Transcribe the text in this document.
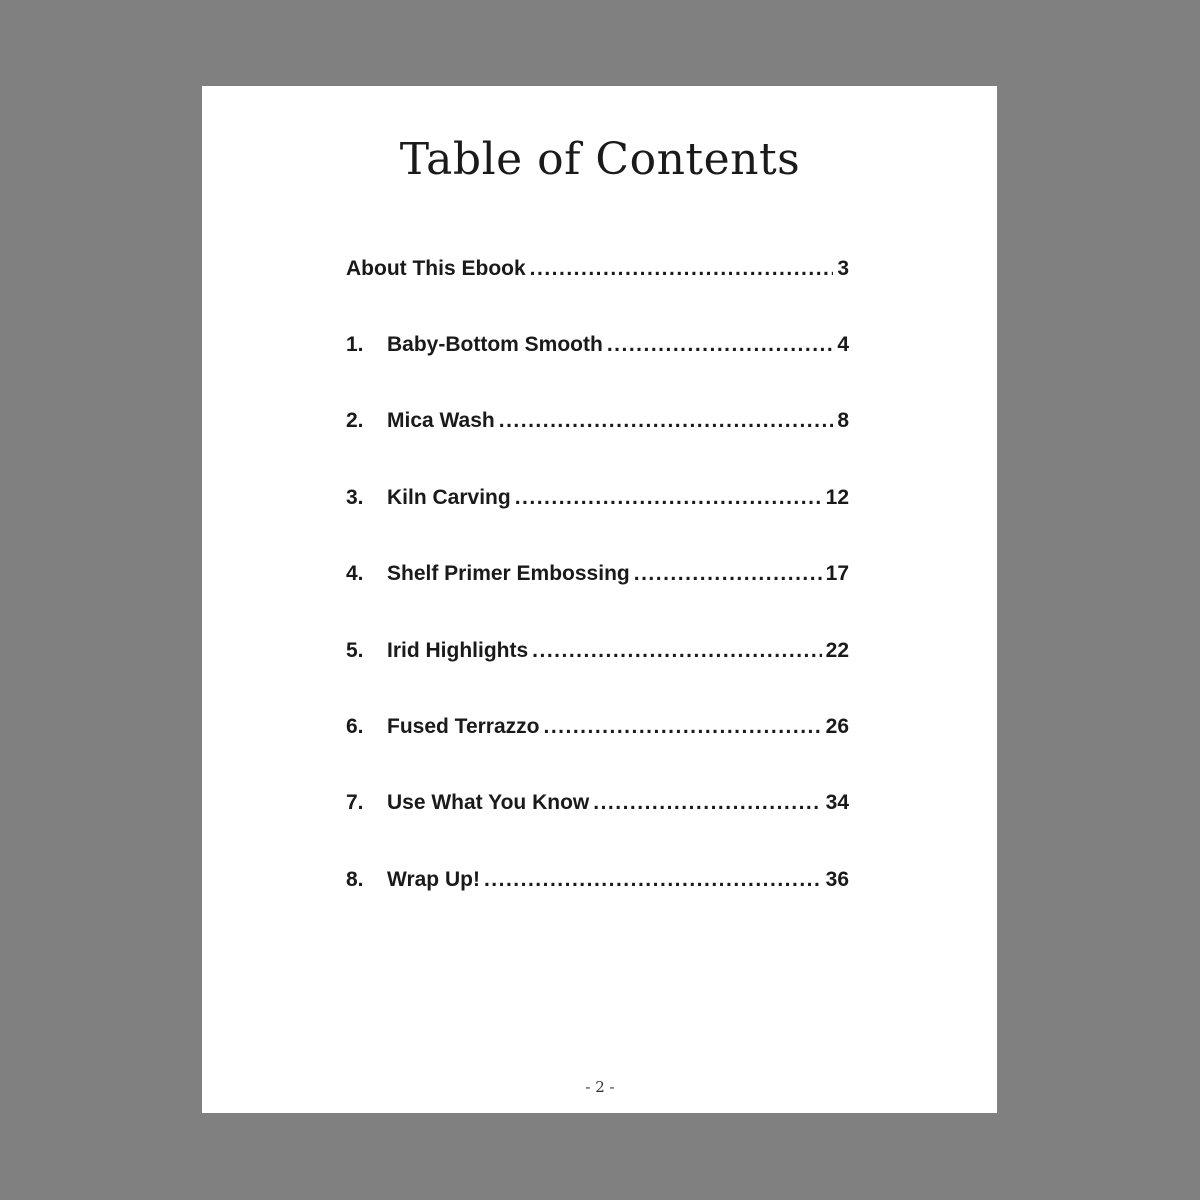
Table of Contents
About This Ebook .....	3
1.	Baby-Bottom Smooth .....	4
2.	Mica Wash .....	8
3.	Kiln Carving .....	12
4.	Shelf Primer Embossing .....	17
5.	Irid Highlights .....	22
6.	Fused Terrazzo .....	26
7.	Use What You Know .....	34
8.	Wrap Up! .....	36
- 2 -
